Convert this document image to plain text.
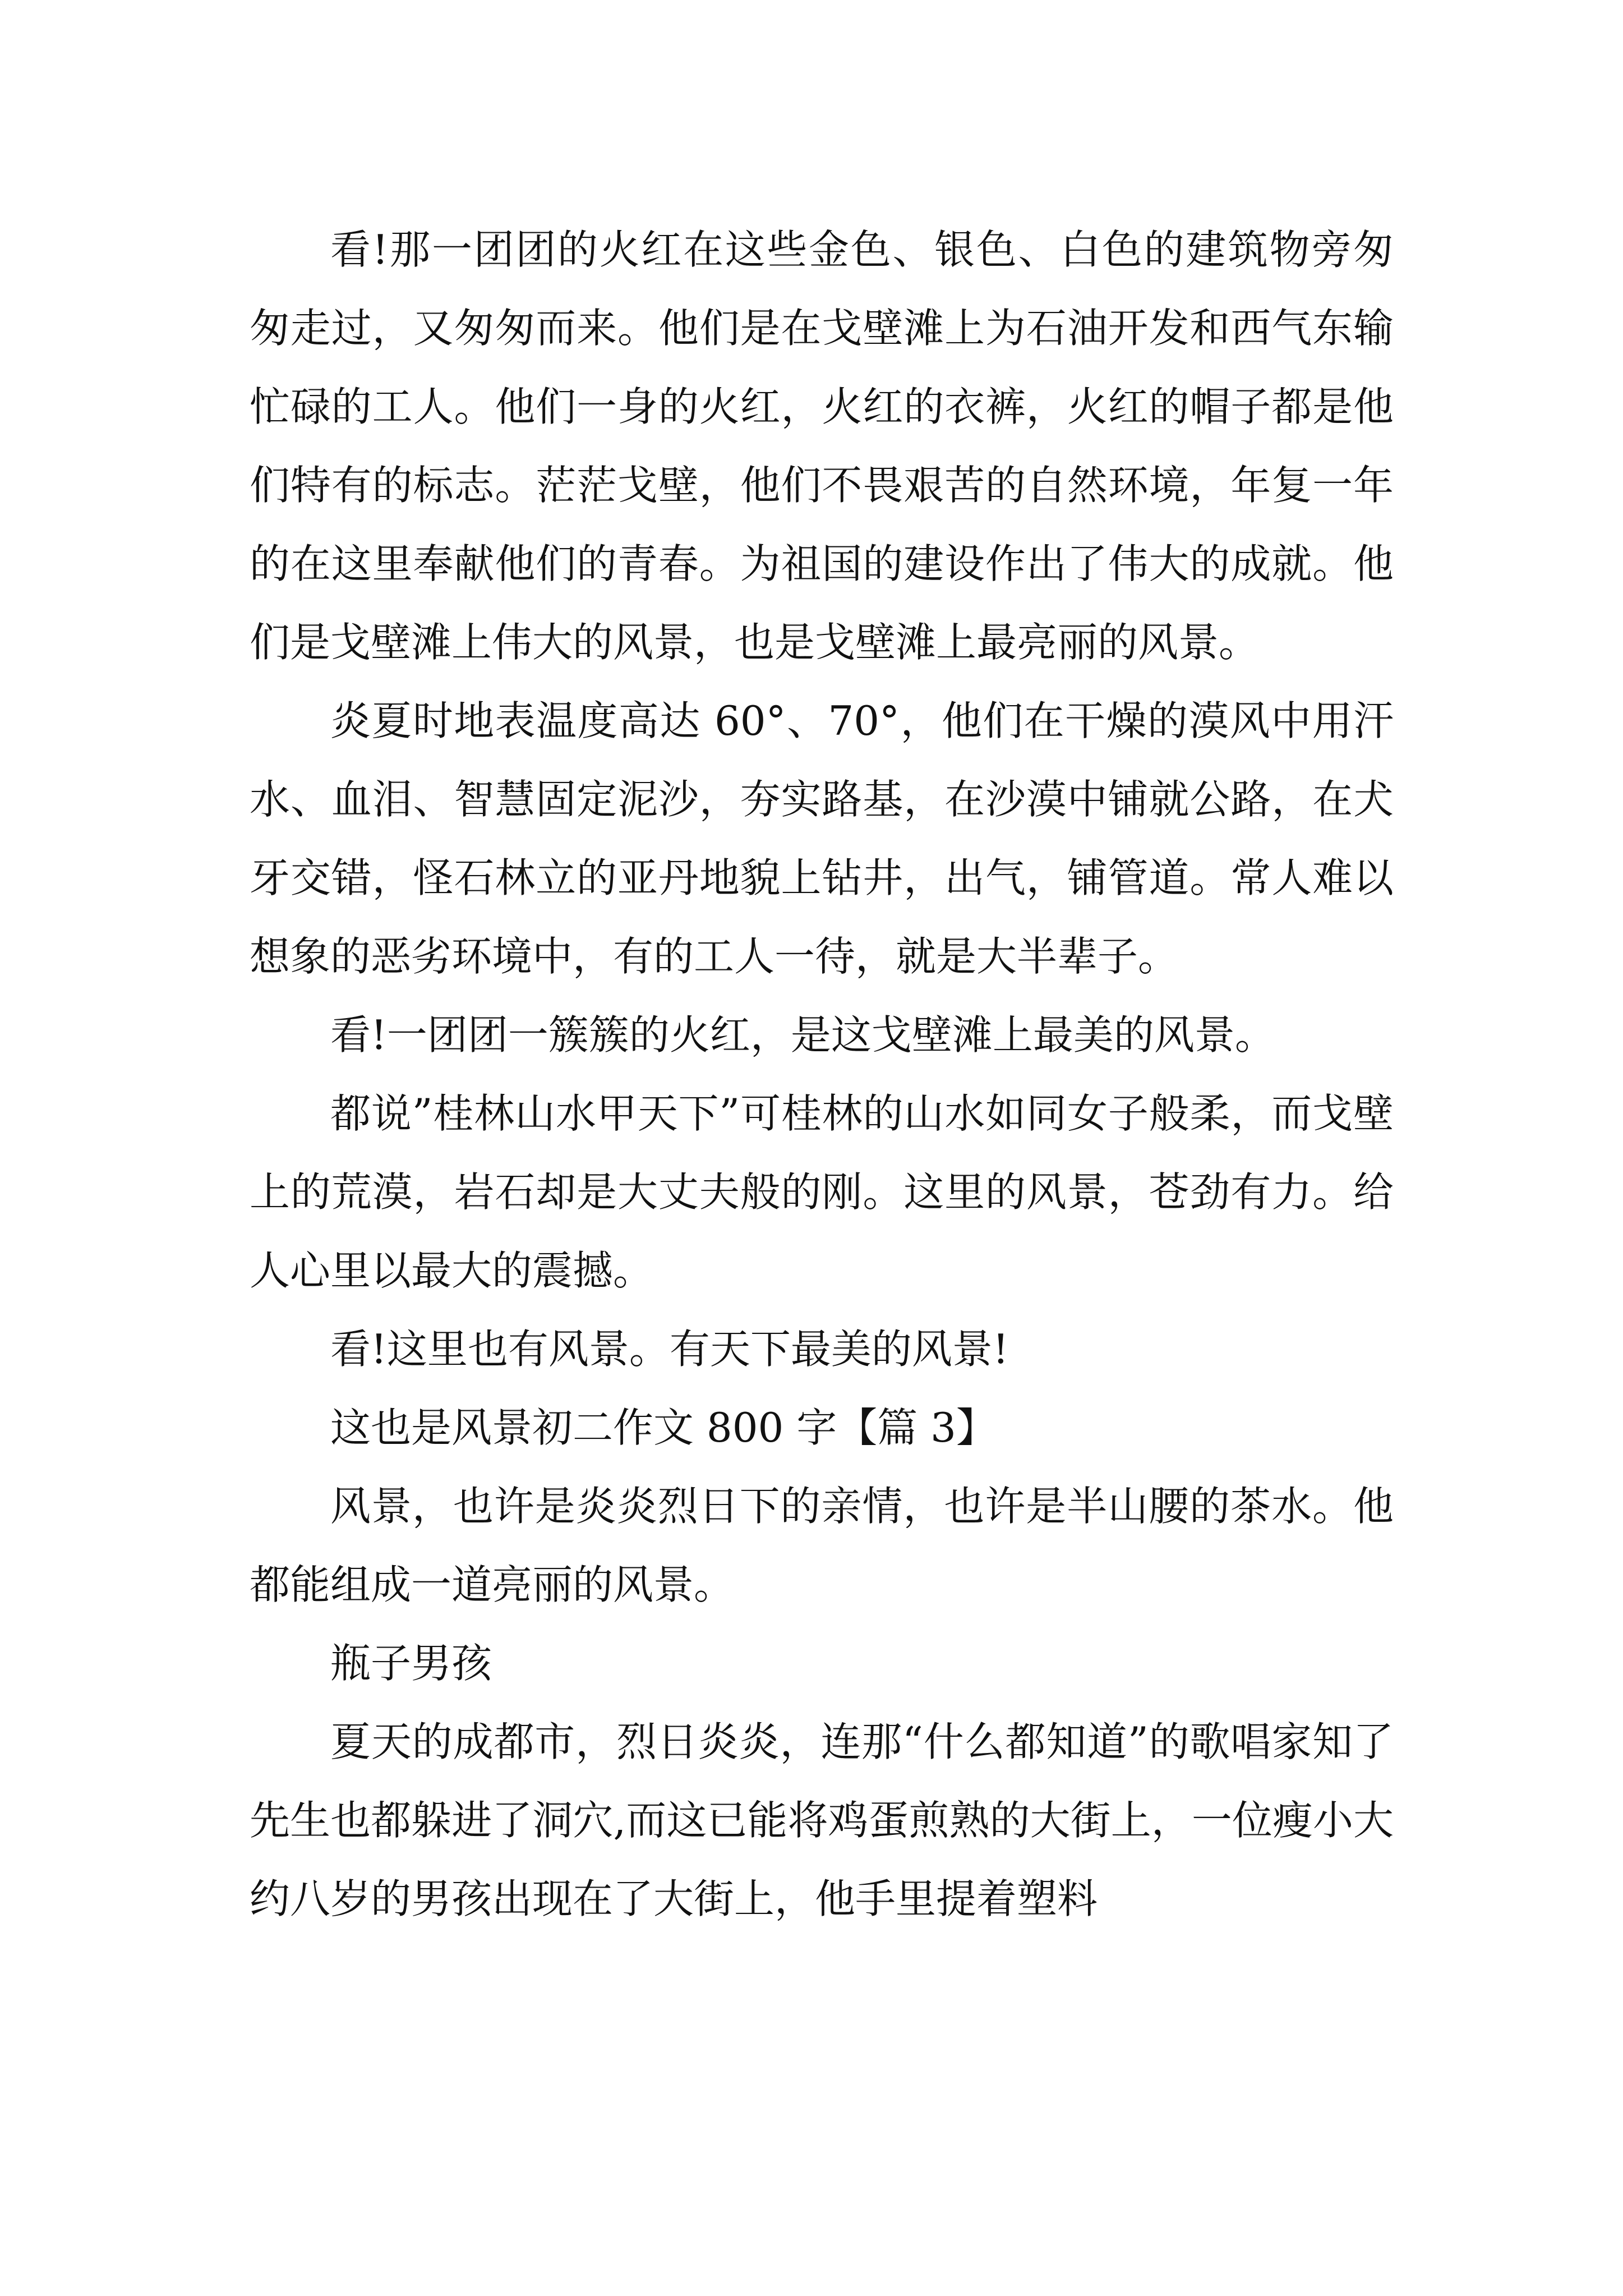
看!那一团团的火红在这些金色、银色、白色的建筑物旁匆匆走过，又匆匆而来。他们是在戈壁滩上为石油开发和西气东输忙碌的工人。他们一身的火红，火红的衣裤，火红的帽子都是他们特有的标志。茫茫戈壁，他们不畏艰苦的自然环境，年复一年的在这里奉献他们的青春。为祖国的建设作出了伟大的成就。他们是戈壁滩上伟大的风景，也是戈壁滩上最亮丽的风景。

炎夏时地表温度高达 60°、70°，他们在干燥的漠风中用汗水、血泪、智慧固定泥沙，夯实路基，在沙漠中铺就公路，在犬牙交错，怪石林立的亚丹地貌上钻井，出气，铺管道。常人难以想象的恶劣环境中，有的工人一待，就是大半辈子。

看!一团团一簇簇的火红，是这戈壁滩上最美的风景。

都说”桂林山水甲天下”可桂林的山水如同女子般柔，而戈壁上的荒漠，岩石却是大丈夫般的刚。这里的风景，苍劲有力。给人心里以最大的震撼。

看!这里也有风景。有天下最美的风景!

这也是风景初二作文 800 字【篇 3】

风景，也许是炎炎烈日下的亲情，也许是半山腰的茶水。他都能组成一道亮丽的风景。

瓶子男孩

夏天的成都市，烈日炎炎，连那“什么都知道”的歌唱家知了先生也都躲进了洞穴,而这已能将鸡蛋煎熟的大街上，一位瘦小大约八岁的男孩出现在了大街上，他手里提着塑料
